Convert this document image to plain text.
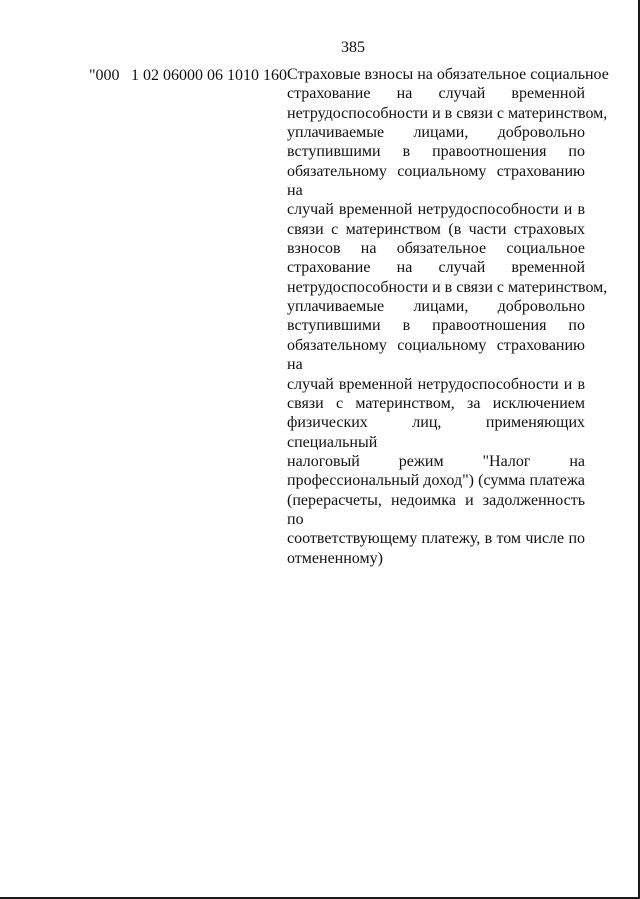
385
"000 1 02 06000 06 1010 160 Страховые взносы на обязательное социальное
страхование на случай временной
нетрудоспособности и в связи с материнством,
уплачиваемые лицами, добровольно
вступившими в правоотношения по
обязательному социальному страхованию на
случай временной нетрудоспособности и в
связи с материнством (в части страховых
взносов на обязательное социальное
страхование на случай временной
нетрудоспособности и в связи с материнством,
уплачиваемые лицами, добровольно
вступившими в правоотношения по
обязательному социальному страхованию на
случай временной нетрудоспособности и в
связи с материнством, за исключением
физических лиц, применяющих специальный
налоговый режим "Налог на
профессиональный доход") (сумма платежа
(перерасчеты, недоимка и задолженность по
соответствующему платежу, в том числе по
отмененному)
